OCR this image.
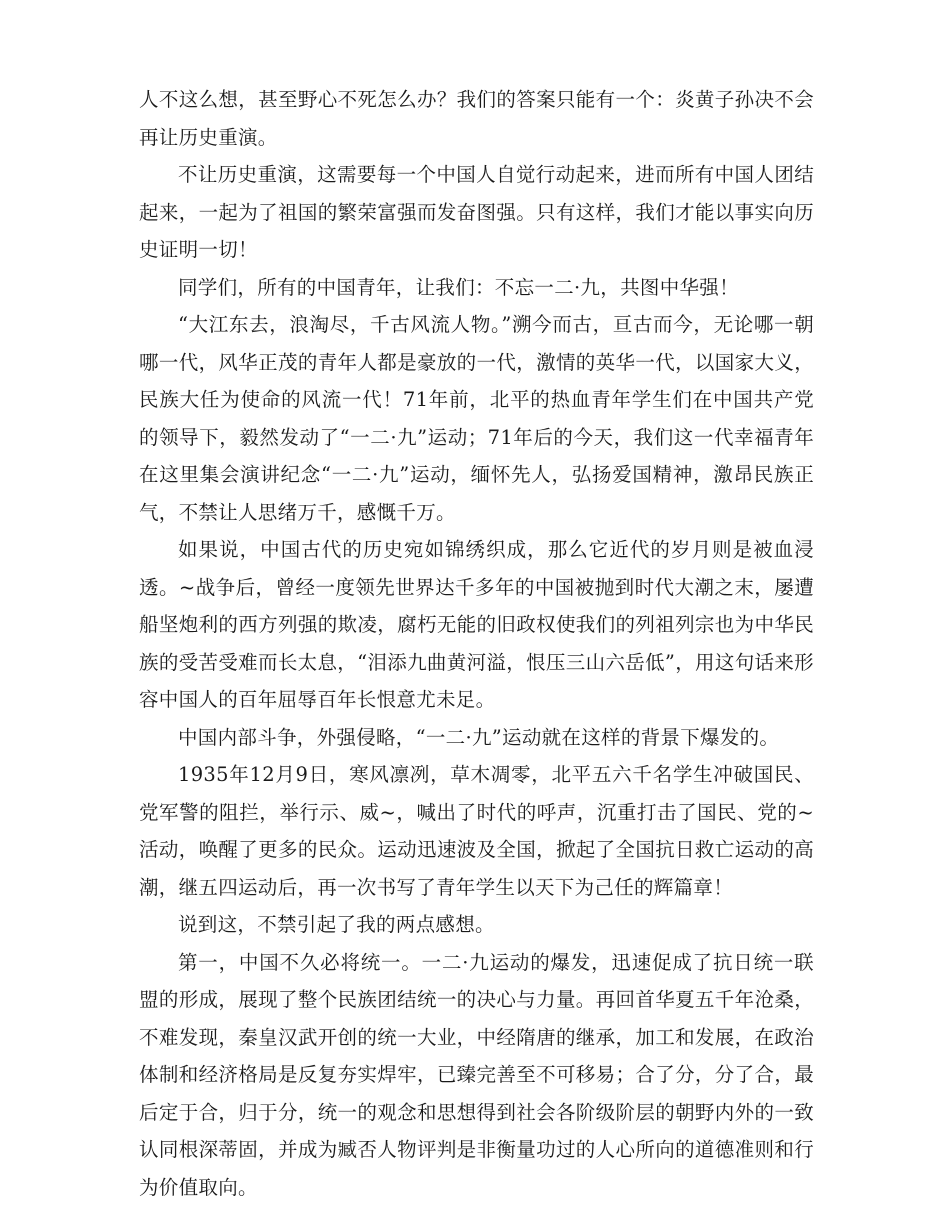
人不这么想，甚至野心不死怎么办？我们的答案只能有一个：炎黄子孙决不会再让历史重演。

不让历史重演，这需要每一个中国人自觉行动起来，进而所有中国人团结起来，一起为了祖国的繁荣富强而发奋图强。只有这样，我们才能以事实向历史证明一切！

同学们，所有的中国青年，让我们：不忘一二·九，共图中华强！

“大江东去，浪淘尽，千古风流人物。”溯今而古，亘古而今，无论哪一朝哪一代，风华正茂的青年人都是豪放的一代，激情的英华一代，以国家大义，民族大任为使命的风流一代！71年前，北平的热血青年学生们在中国共产党的领导下，毅然发动了“一二·九”运动；71年后的今天，我们这一代幸福青年在这里集会演讲纪念“一二·九”运动，缅怀先人，弘扬爱国精神，激昂民族正气，不禁让人思绪万千，感慨千万。

如果说，中国古代的历史宛如锦绣织成，那么它近代的岁月则是被血浸透。~战争后，曾经一度领先世界达千多年的中国被抛到时代大潮之末，屡遭船坚炮利的西方列强的欺凌，腐朽无能的旧政权使我们的列祖列宗也为中华民族的受苦受难而长太息，“泪添九曲黄河溢，恨压三山六岳低”，用这句话来形容中国人的百年屈辱百年长恨意尤未足。

中国内部斗争，外强侵略，“一二·九”运动就在这样的背景下爆发的。

1935年12月9日，寒风凛冽，草木凋零，北平五六千名学生冲破国民、党军警的阻拦，举行示、威~，喊出了时代的呼声，沉重打击了国民、党的~活动，唤醒了更多的民众。运动迅速波及全国，掀起了全国抗日救亡运动的高潮，继五四运动后，再一次书写了青年学生以天下为己任的辉篇章！

说到这，不禁引起了我的两点感想。

第一，中国不久必将统一。一二·九运动的爆发，迅速促成了抗日统一联盟的形成，展现了整个民族团结统一的决心与力量。再回首华夏五千年沧桑，不难发现，秦皇汉武开创的统一大业，中经隋唐的继承，加工和发展，在政治体制和经济格局是反复夯实焊牢，已臻完善至不可移易；合了分，分了合，最后定于合，归于分，统一的观念和思想得到社会各阶级阶层的朝野内外的一致认同根深蒂固，并成为臧否人物评判是非衡量功过的人心所向的道德准则和行为价值取向。
